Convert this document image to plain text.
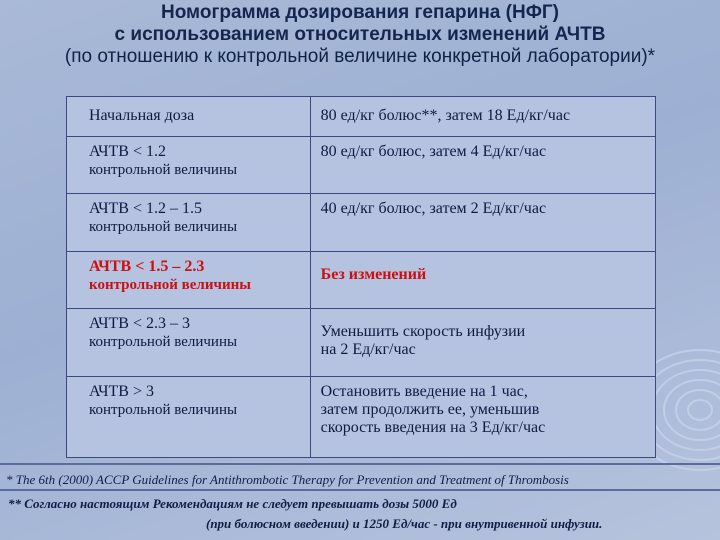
Номограмма дозирования гепарина (НФГ)
с использованием относительных изменений АЧТВ
(по отношению к контрольной величине конкретной лаборатории)*
Начальная доза	80 ед/кг болюс**, затем 18 Ед/кг/час

АЧТВ < 1.2
контрольной величины	80 ед/кг болюс, затем 4 Ед/кг/час

АЧТВ < 1.2 – 1.5
контрольной величины	40 ед/кг болюс, затем 2 Ед/кг/час

АЧТВ < 1.5 – 2.3
контрольной величины	Без изменений

АЧТВ < 2.3 – 3
контрольной величины	Уменьшить скорость инфузии
на 2 Ед/кг/час

АЧТВ > 3
контрольной величины	Остановить введение на 1 час,
затем продолжить ее, уменьшив
скорость введения на 3 Ед/кг/час
* The 6th (2000) ACCP Guidelines for Antithrombotic Therapy for Prevention and Treatment of Thrombosis
** Согласно настоящим Рекомендациям не следует превышать дозы 5000 Ед
(при болюсном введении) и 1250 Ед/час - при внутривенной инфузии.
